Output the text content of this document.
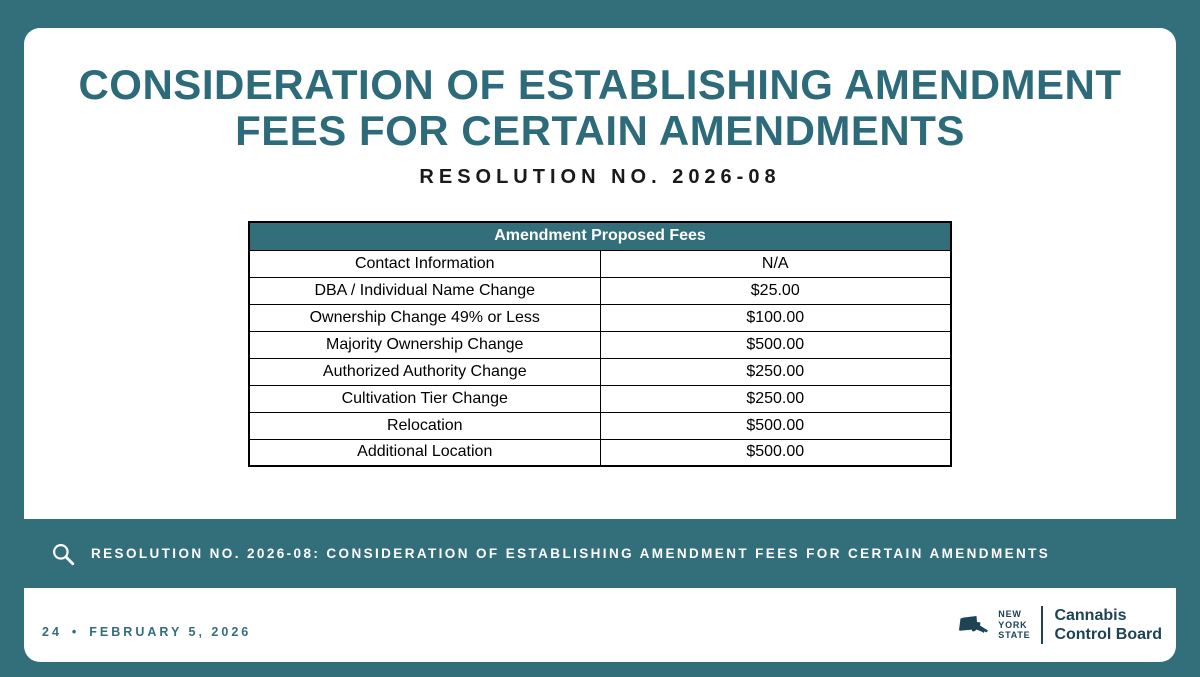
CONSIDERATION OF ESTABLISHING AMENDMENT FEES FOR CERTAIN AMENDMENTS
RESOLUTION NO. 2026-08
Amendment Proposed Fees	
Contact Information	N/A
DBA / Individual Name Change	$25.00
Ownership Change 49% or Less	$100.00
Majority Ownership Change	$500.00
Authorized Authority Change	$250.00
Cultivation Tier Change	$250.00
Relocation	$500.00
Additional Location	$500.00
RESOLUTION NO. 2026-08: CONSIDERATION OF ESTABLISHING AMENDMENT FEES FOR CERTAIN AMENDMENTS
24 • FEBRUARY 5, 2026
NEW
YORK
STATE
Cannabis
Control Board
